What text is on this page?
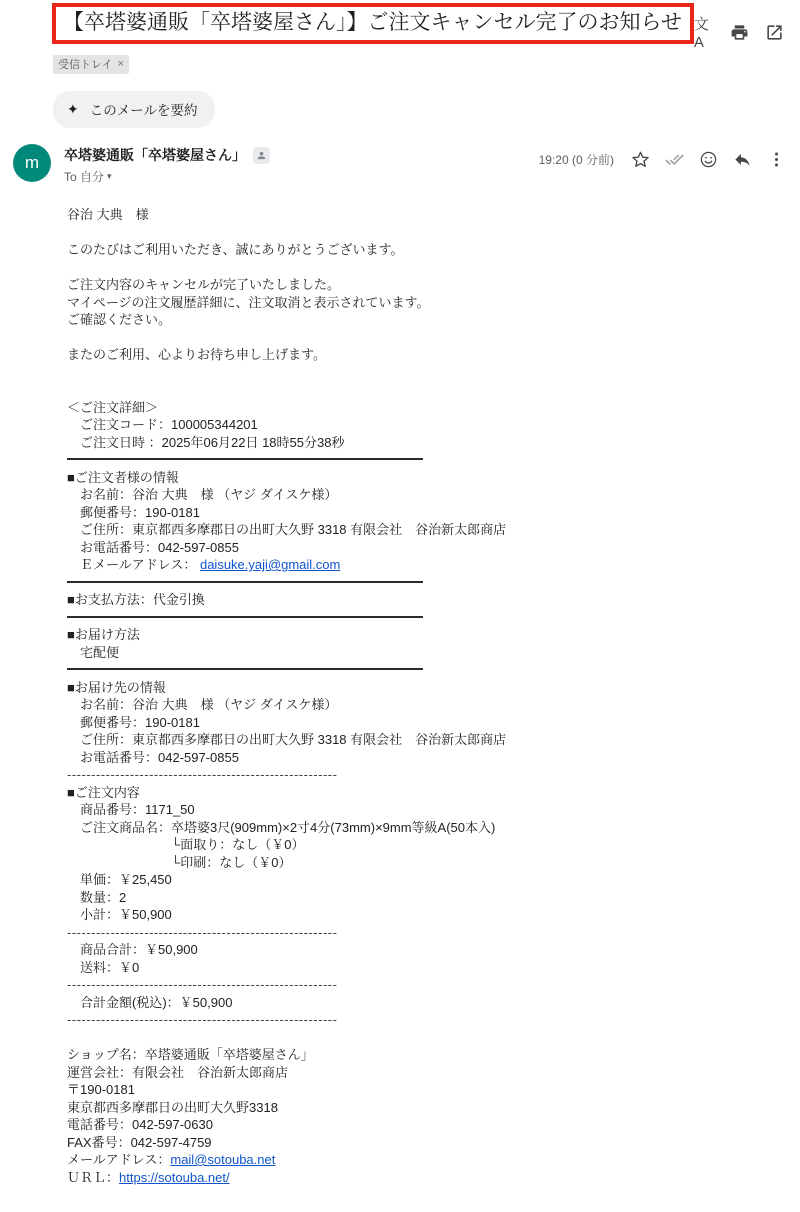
【卒塔婆通販「卒塔婆屋さん」】ご注文キャンセル完了のお知らせ 文A
受信トレイ ×
✦ このメールを要約
m	卒塔婆通販「卒塔婆屋さん」
To 自分 ▾
19:20 (0 分前)
谷治 大典　様

このたびはご利用いただき、誠にありがとうございます。

ご注文内容のキャンセルが完了いたしました。
マイページの注文履歴詳細に、注文取消と表示されています。
ご確認ください。

またのご利用、心よりお待ち申し上げます。

＜ご注文詳細＞
　ご注文コード：100005344201
　ご注文日時 ：2025年06月22日 18時55分38秒
■ご注文者様の情報
　お名前：谷治 大典　様 （ヤジ ダイスケ様）
　郵便番号：190-0181
　ご住所：東京都西多摩郡日の出町大久野 3318 有限会社　谷治新太郎商店
　お電話番号：042-597-0855
　Ｅメールアドレス： daisuke.yaji@gmail.com
■お支払方法：代金引換
■お届け方法
　宅配便
■お届け先の情報
　お名前：谷治 大典　様 （ヤジ ダイスケ様）
　郵便番号：190-0181
　ご住所：東京都西多摩郡日の出町大久野 3318 有限会社　谷治新太郎商店
　お電話番号：042-597-0855
--------------------------------------------------------
■ご注文内容
　商品番号：1171_50
　ご注文商品名：卒塔婆3尺(909mm)×2寸4分(73mm)×9mm等級A(50本入)
　　　　　　　　└面取り：なし（￥0）
　　　　　　　　└印刷：なし（￥0）
　単価：￥25,450
　数量：2
　小計：￥50,900
--------------------------------------------------------
　商品合計：￥50,900
　送料：￥0
--------------------------------------------------------
　合計金額(税込)：￥50,900
--------------------------------------------------------

ショップ名：卒塔婆通販「卒塔婆屋さん」
運営会社：有限会社　谷治新太郎商店
〒190-0181
東京都西多摩郡日の出町大久野3318
電話番号：042-597-0630
FAX番号：042-597-4759
メールアドレス：mail@sotouba.net
ＵＲＬ：https://sotouba.net/
